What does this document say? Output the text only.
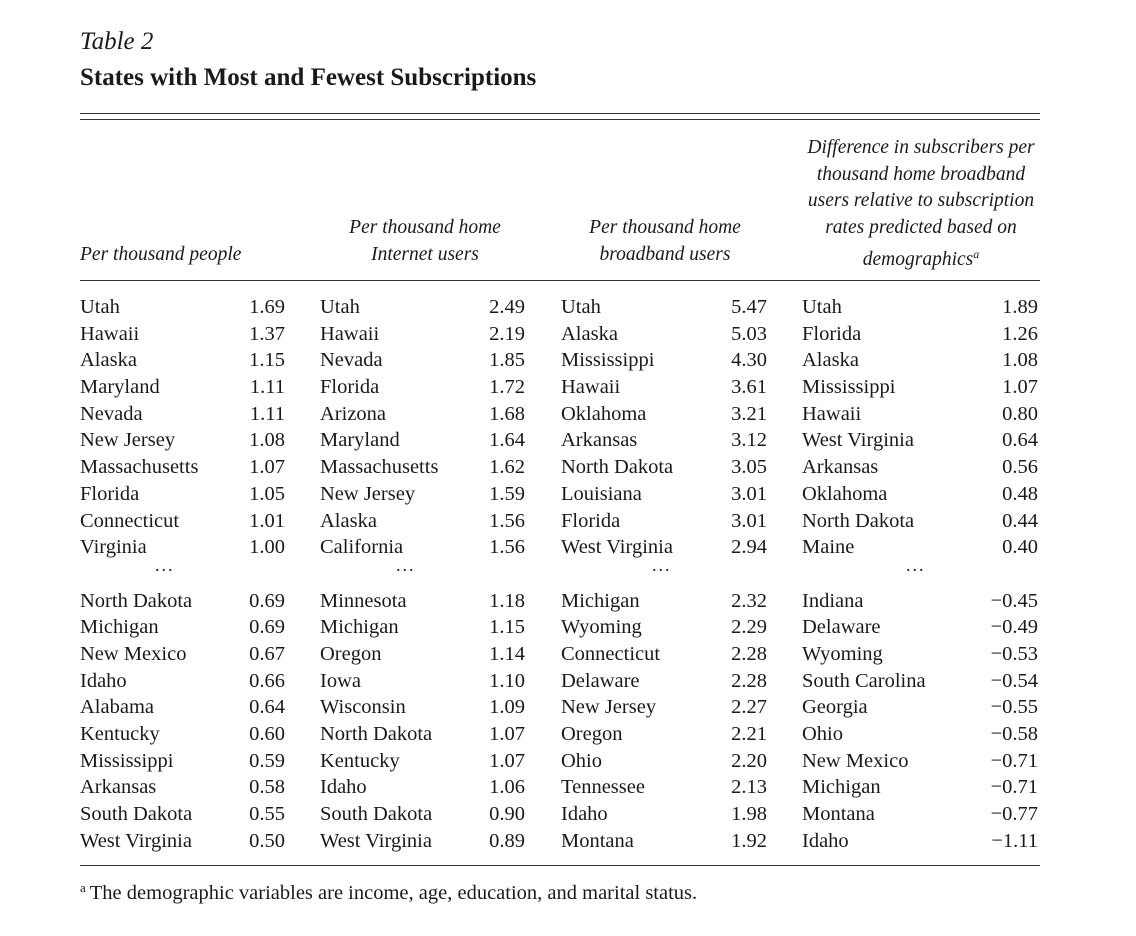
Table 2
States with Most and Fewest Subscriptions
Per thousand people
Per thousand home
Internet users
Per thousand home
broadband users
Difference in subscribers per
thousand home broadband
users relative to subscription
rates predicted based on
demographics$^a$
Utah	1.69 Utah	2.49 Utah	5.47 Utah	1.89
Hawaii	1.37 Hawaii	2.19 Alaska	5.03 Florida	1.26
Alaska	1.15 Nevada	1.85 Mississippi	4.30 Alaska	1.08
Maryland	1.11 Florida	1.72 Hawaii	3.61 Mississippi	1.07
Nevada	1.11 Arizona	1.68 Oklahoma	3.21 Hawaii	0.80
New Jersey	1.08 Maryland	1.64 Arkansas	3.12 West Virginia	0.64
Massachusetts 1.07 Massachusetts 1.62 North Dakota	3.05 Arkansas	0.56
Florida	1.05 New Jersey	1.59 Louisiana	3.01 Oklahoma	0.48
Connecticut	1.01 Alaska	1.56 Florida	3.01 North Dakota	0.44
Virginia	1.00 California	1.56 West Virginia	2.94 Maine	0.40
...	...	...	...
North Dakota	0.69 Minnesota	1.18 Michigan	2.32 Indiana	−0.45
Michigan	0.69 Michigan	1.15 Wyoming	2.29 Delaware	−0.49
New Mexico	0.67 Oregon	1.14 Connecticut	2.28 Wyoming	−0.53
Idaho	0.66 Iowa	1.10 Delaware	2.28 South Carolina	−0.54
Alabama	0.64 Wisconsin	1.09 New Jersey	2.27 Georgia	−0.55
Kentucky	0.60 North Dakota	1.07 Oregon	2.21 Ohio	−0.58
Mississippi	0.59 Kentucky	1.07 Ohio	2.20 New Mexico	−0.71
Arkansas	0.58 Idaho	1.06 Tennessee	2.13 Michigan	−0.71
South Dakota	0.55 South Dakota	0.90 Idaho	1.98 Montana	−0.77
West Virginia	0.50 West Virginia	0.89 Montana	1.92 Idaho	−1.11
$^a$ The demographic variables are income, age, education, and marital status.
